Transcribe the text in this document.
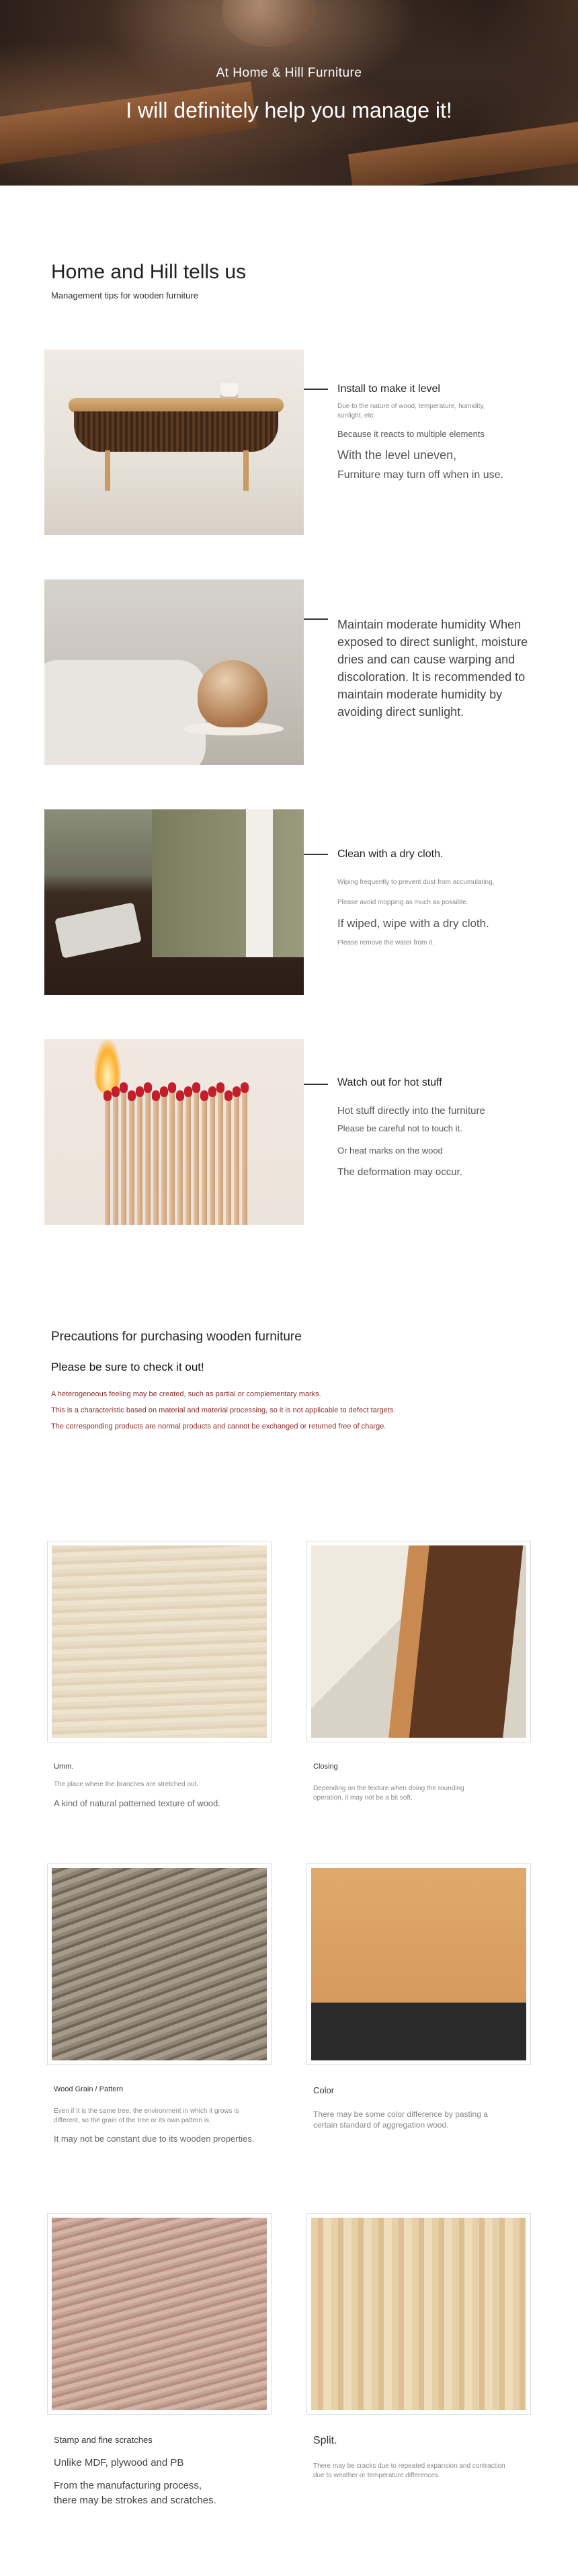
At Home & Hill Furniture
I will definitely help you manage it!
Home and Hill tells us

Management tips for wooden furniture

Install to make it level
Due to the nature of wood, temperature, humidity, sunlight, etc.
Because it reacts to multiple elements
With the level uneven,
Furniture may turn off when in use.
Maintain moderate humidity When exposed to direct sunlight, moisture dries and can cause warping and discoloration. It is recommended to maintain moderate humidity by avoiding direct sunlight.
Clean with a dry cloth.
Wiping frequently to prevent dust from accumulating,
Please avoid mopping as much as possible.
If wiped, wipe with a dry cloth.
Please remove the water from it.
Watch out for hot stuff
Hot stuff directly into the furniture
Please be careful not to touch it.
Or heat marks on the wood
The deformation may occur.
Precautions for purchasing wooden furniture
Please be sure to check it out!
A heterogeneous feeling may be created, such as partial or complementary marks.
This is a characteristic based on material and material processing, so it is not applicable to defect targets.
The corresponding products are normal products and cannot be exchanged or returned free of charge.
Umm.
The place where the branches are stretched out.
A kind of natural patterned texture of wood.
Closing
Depending on the texture when doing the rounding operation, it may not be a bit soft.
Wood Grain / Pattern
Even if it is the same tree, the environment in which it grows is different, so the grain of the tree or its own pattern is.
It may not be constant due to its wooden properties.
Color
There may be some color difference by pasting a certain standard of aggregation wood.
Stamp and fine scratches
Unlike MDF, plywood and PB
From the manufacturing process,
there may be strokes and scratches.
Split.
There may be cracks due to repeated expansion and contraction due to weather or temperature differences.
